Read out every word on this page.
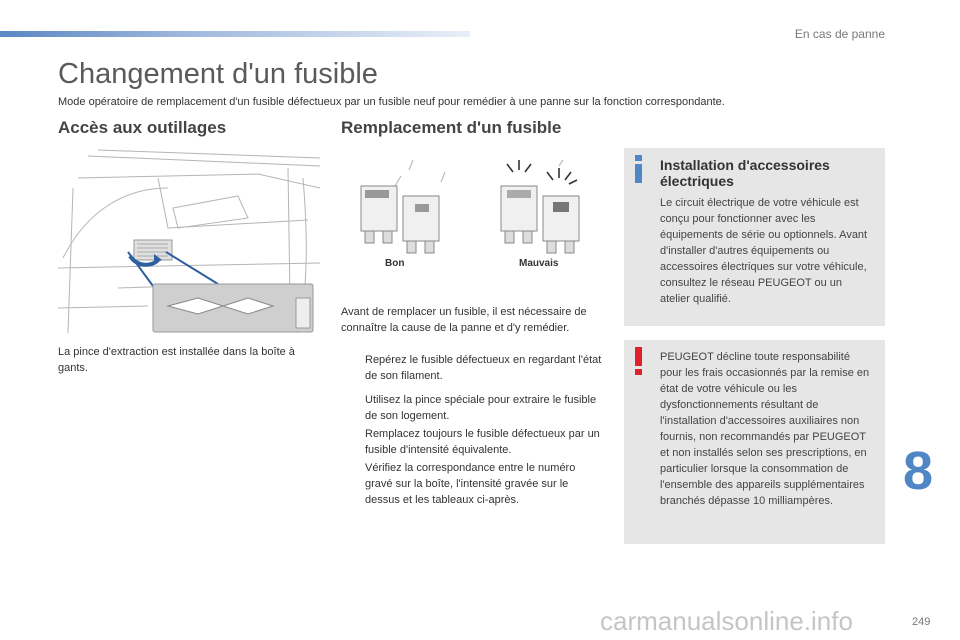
En cas de panne
Changement d'un fusible
Mode opératoire de remplacement d'un fusible défectueux par un fusible neuf pour remédier à une panne sur la fonction correspondante.
Accès aux outillages	Remplacement d'un fusible
La pince d'extraction est installée dans la boîte à gants.
Bon	Mauvais
Avant de remplacer un fusible, il est nécessaire de connaître la cause de la panne et d'y remédier.
Repérez le fusible défectueux en regardant l'état de son filament.
Utilisez la pince spéciale pour extraire le fusible de son logement.
Remplacez toujours le fusible défectueux par un fusible d'intensité équivalente.
Vérifiez la correspondance entre le numéro gravé sur la boîte, l'intensité gravée sur le dessus et les tableaux ci-après.
Installation d'accessoires électriques
Le circuit électrique de votre véhicule est conçu pour fonctionner avec les équipements de série ou optionnels. Avant d'installer d'autres équipements ou accessoires électriques sur votre véhicule, consultez le réseau PEUGEOT ou un atelier qualifié.
PEUGEOT décline toute responsabilité pour les frais occasionnés par la remise en état de votre véhicule ou les dysfonctionnements résultant de l'installation d'accessoires auxiliaires non fournis, non recommandés par PEUGEOT et non installés selon ses prescriptions, en particulier lorsque la consommation de l'ensemble des appareils supplémentaires branchés dépasse 10 milliampères.	8
carmanualsonline.info	249
